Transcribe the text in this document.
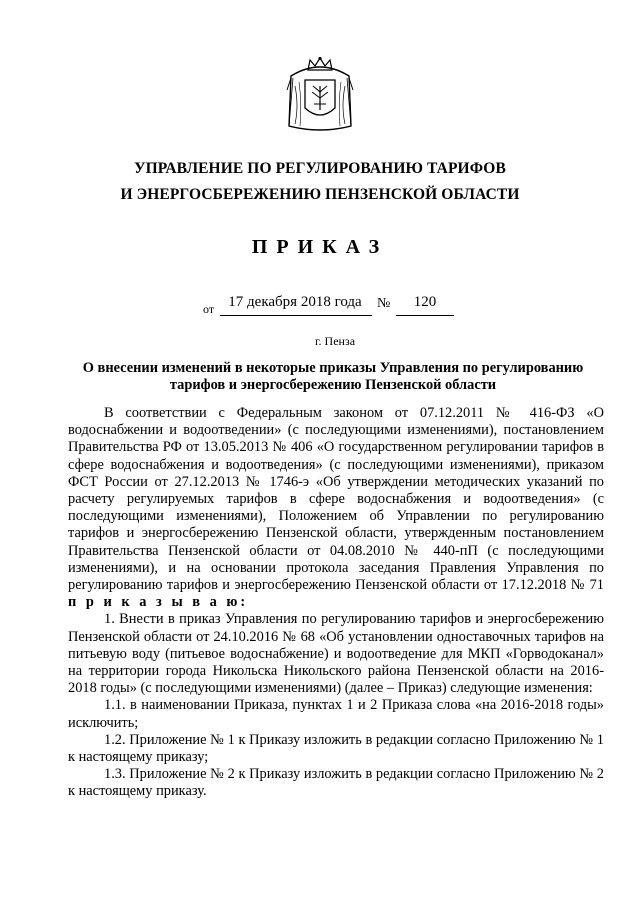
УПРАВЛЕНИЕ ПО РЕГУЛИРОВАНИЮ ТАРИФОВ
И ЭНЕРГОСБЕРЕЖЕНИЮ ПЕНЗЕНСКОЙ ОБЛАСТИ
ПРИКАЗ
от 17 декабря 2018 года	№	120
г. Пенза
О внесении изменений в некоторые приказы Управления по регулированию тарифов и энергосбережению Пензенской области

В соответствии с Федеральным законом от 07.12.2011 № 416-ФЗ «О водоснабжении и водоотведении» (с последующими изменениями), постановлением Правительства РФ от 13.05.2013 № 406 «О государственном регулировании тарифов в сфере водоснабжения и водоотведения» (с последующими изменениями), приказом ФСТ России от 27.12.2013 № 1746-э «Об утверждении методических указаний по расчету регулируемых тарифов в сфере водоснабжения и водоотведения» (с последующими изменениями), Положением об Управлении по регулированию тарифов и энергосбережению Пензенской области, утвержденным постановлением Правительства Пензенской области от 04.08.2010 № 440-пП (с последующими изменениями), и на основании протокола заседания Правления Управления по регулированию тарифов и энергосбережению Пензенской области от 17.12.2018 № 71 п р и к а з ы в а ю:

1. Внести в приказ Управления по регулированию тарифов и энергосбережению Пензенской области от 24.10.2016 № 68 «Об установлении одноставочных тарифов на питьевую воду (питьевое водоснабжение) и водоотведение для МКП «Горводоканал» на территории города Никольска Никольского района Пензенской области на 2016-2018 годы» (с последующими изменениями) (далее – Приказ) следующие изменения:

1.1. в наименовании Приказа, пунктах 1 и 2 Приказа слова «на 2016-2018 годы» исключить;

1.2. Приложение № 1 к Приказу изложить в редакции согласно Приложению № 1 к настоящему приказу;

1.3. Приложение № 2 к Приказу изложить в редакции согласно Приложению № 2 к настоящему приказу.
